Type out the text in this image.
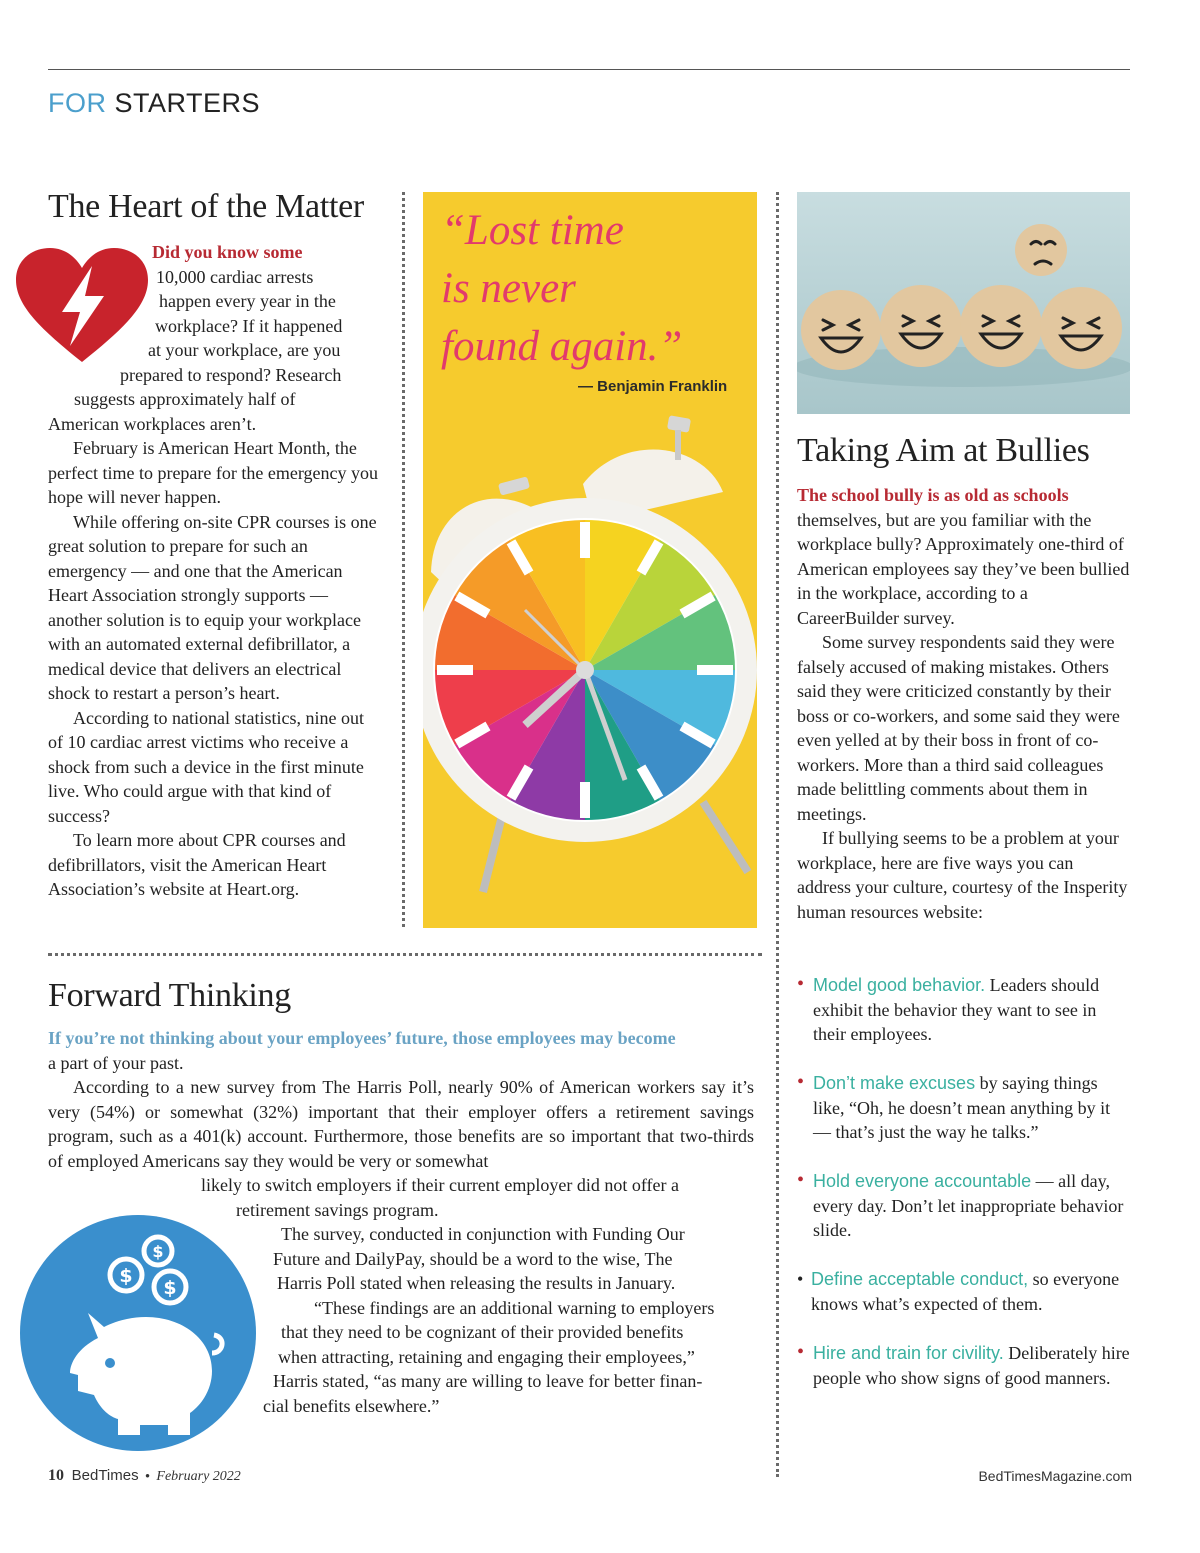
FOR STARTERS
The Heart of the Matter
Did you know some
10,000 cardiac arrests
happen every year in the
workplace? If it happened
at your workplace, are you
prepared to respond? Research
suggests approximately half of

American workplaces aren’t.

February is American Heart Month, the perfect time to prepare for the emergency you hope will never happen.

While offering on-site CPR courses is one great solution to prepare for such an emergency — and one that the American Heart Association strongly supports — another solution is to equip your workplace with an automated external defibrillator, a medical device that delivers an electrical shock to restart a person’s heart.

According to national statistics, nine out of 10 cardiac arrest victims who receive a shock from such a device in the first minute live. Who could argue with that kind of success?

To learn more about CPR courses and defibrillators, visit the American Heart Association’s website at Heart.org.

“Lost time
is never
found again.”
— Benjamin Franklin
Taking Aim at Bullies
The school bully is as old as schools

themselves, but are you familiar with the workplace bully? Approximately one-third of American employees say they’ve been bullied in the workplace, according to a CareerBuilder survey.

Some survey respondents said they were falsely accused of making mistakes. Others said they were criticized constantly by their boss or co-workers, and some said they were even yelled at by their boss in front of co-workers. More than a third said colleagues made belittling comments about them in meetings.

If bullying seems to be a problem at your workplace, here are five ways you can address your culture, courtesy of the Insperity human resources website:

• Model good behavior. Leaders should exhibit the behavior they want to see in their employees.
• Don’t make excuses by saying things like, “Oh, he doesn’t mean anything by it — that’s just the way he talks.”
• Hold everyone accountable — all day, every day. Don’t let inappropriate behavior slide.
• Define acceptable conduct, so everyone knows what’s expected of them.
• Hire and train for civility. Deliberately hire people who show signs of good manners.
Forward Thinking
If you’re not thinking about your employees’ future, those employees may become
a part of your past.

According to a new survey from The Harris Poll, nearly 90% of American workers say it’s very (54%) or somewhat (32%) important that their employer offers a retirement savings program, such as a 401(k) account. Furthermore, those benefits are so important that two-thirds of employed Americans say they would be very or somewhat

likely to switch employers if their current employer did not offer a
retirement savings program.
The survey, conducted in conjunction with Funding Our
Future and DailyPay, should be a word to the wise, The
Harris Poll stated when releasing the results in January.
“These findings are an additional warning to employers
that they need to be cognizant of their provided benefits
when attracting, retaining and engaging their employees,”
Harris stated, “as many are willing to leave for better finan-
cial benefits elsewhere.”
$
$
$
10 BedTimes • February 2022	BedTimesMagazine.com
